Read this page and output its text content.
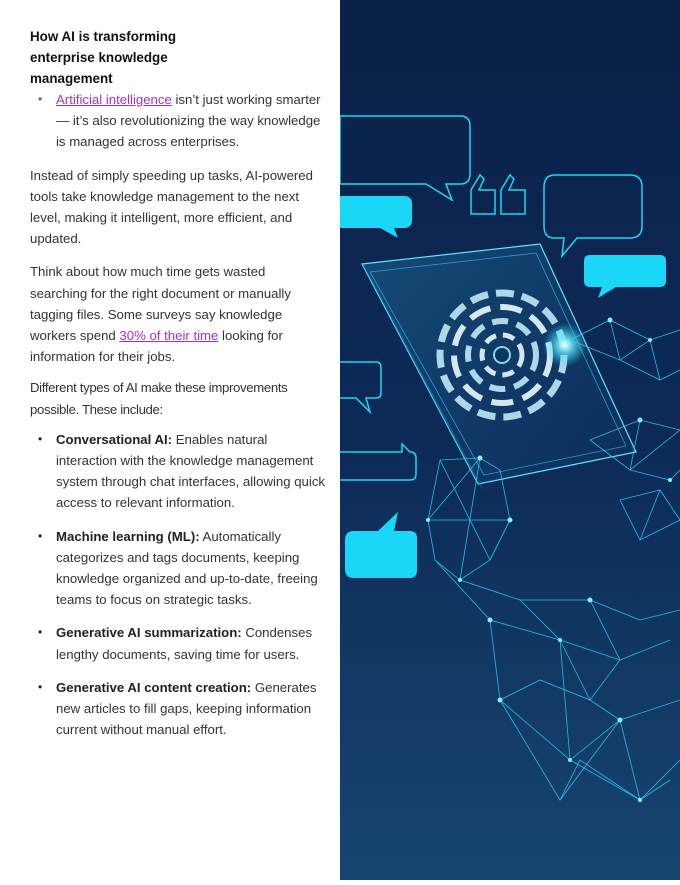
How AI is transforming enterprise knowledge management
• Artificial intelligence isn’t just working smarter — it’s also revolutionizing the way knowledge is managed across enterprises.

Instead of simply speeding up tasks, AI-powered tools take knowledge management to the next level, making it intelligent, more efficient, and updated.

Think about how much time gets wasted searching for the right document or manually tagging files. Some surveys say knowledge workers spend 30% of their time looking for information for their jobs.

Different types of AI make these improvements possible. These include:

• Conversational AI: Enables natural interaction with the knowledge management system through chat interfaces, allowing quick access to relevant information.
• Machine learning (ML): Automatically categorizes and tags documents, keeping knowledge organized and up-to-date, freeing teams to focus on strategic tasks.
• Generative AI summarization: Condenses lengthy documents, saving time for users.
• Generative AI content creation: Generates new articles to fill gaps, keeping information current without manual effort.
